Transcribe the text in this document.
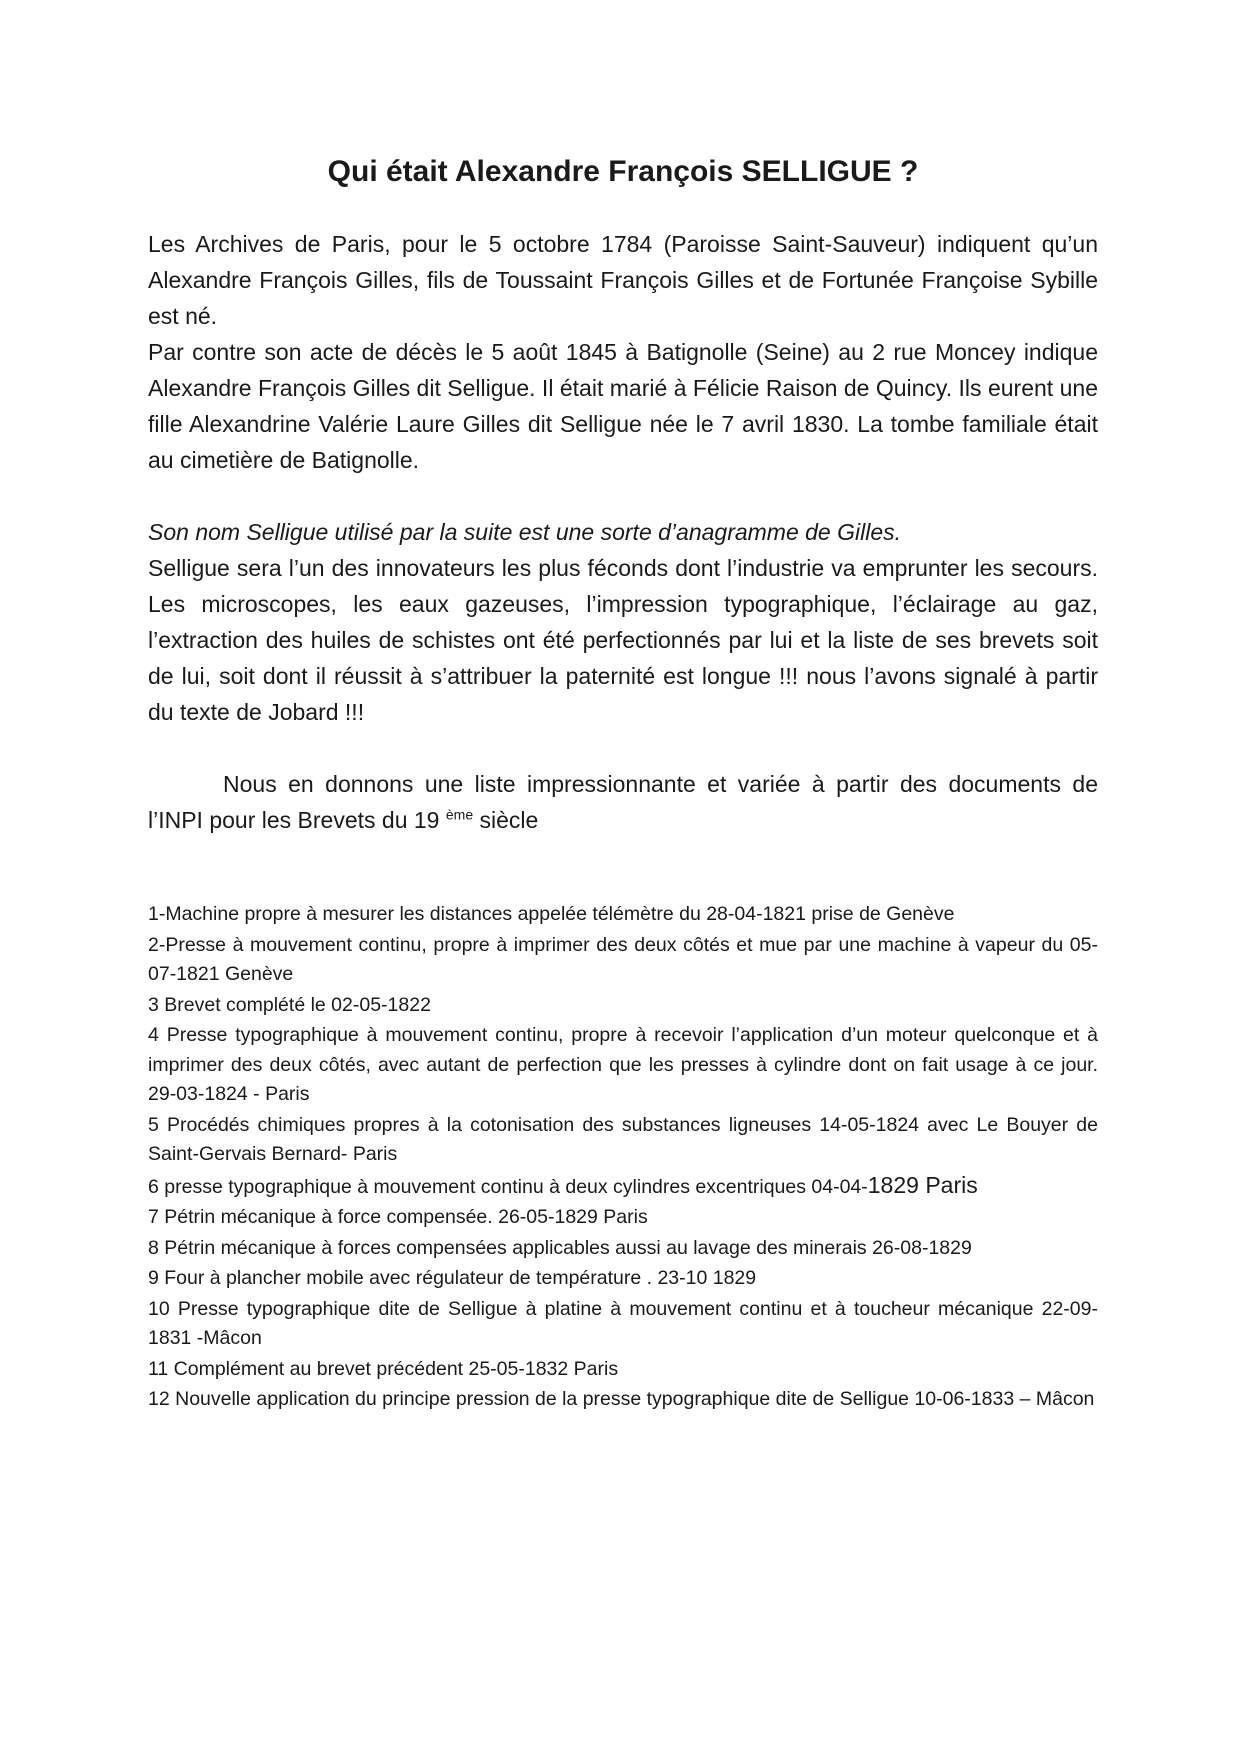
Qui était Alexandre François SELLIGUE ?

Les Archives de Paris, pour le 5 octobre 1784 (Paroisse Saint-Sauveur) indiquent qu’un Alexandre François Gilles, fils de Toussaint François Gilles et de Fortunée Françoise Sybille est né.

Par contre son acte de décès le 5 août 1845 à Batignolle (Seine) au 2 rue Moncey indique Alexandre François Gilles dit Selligue. Il était marié à Félicie Raison de Quincy. Ils eurent une fille Alexandrine Valérie Laure Gilles dit Selligue née le 7 avril 1830. La tombe familiale était au cimetière de Batignolle.

Son nom Selligue utilisé par la suite est une sorte d’anagramme de Gilles.

Selligue sera l’un des innovateurs les plus féconds dont l’industrie va emprunter les secours. Les microscopes, les eaux gazeuses, l’impression typographique, l’éclairage au gaz, l’extraction des huiles de schistes ont été perfectionnés par lui et la liste de ses brevets soit de lui, soit dont il réussit à s’attribuer la paternité est longue !!! nous l’avons signalé à partir du texte de Jobard !!!

Nous en donnons une liste impressionnante et variée à partir des documents de l’INPI pour les Brevets du 19 $^{ème}$ siècle

1-Machine propre à mesurer les distances appelée télémètre du 28-04-1821 prise de Genève

2-Presse à mouvement continu, propre à imprimer des deux côtés et mue par une machine à vapeur du 05-07-1821 Genève

3 Brevet complété le 02-05-1822

4 Presse typographique à mouvement continu, propre à recevoir l’application d’un moteur quelconque et à imprimer des deux côtés, avec autant de perfection que les presses à cylindre dont on fait usage à ce jour. 29-03-1824 - Paris

5 Procédés chimiques propres à la cotonisation des substances ligneuses 14-05-1824 avec Le Bouyer de Saint-Gervais Bernard- Paris

6 presse typographique à mouvement continu à deux cylindres excentriques 04-04-1829 Paris

7 Pétrin mécanique à force compensée. 26-05-1829 Paris

8 Pétrin mécanique à forces compensées applicables aussi au lavage des minerais 26-08-1829

9 Four à plancher mobile avec régulateur de température . 23-10 1829

10 Presse typographique dite de Selligue à platine à mouvement continu et à toucheur mécanique 22-09-1831 -Mâcon

11 Complément au brevet précédent 25-05-1832 Paris

12 Nouvelle application du principe pression de la presse typographique dite de Selligue 10-06-1833 – Mâcon
